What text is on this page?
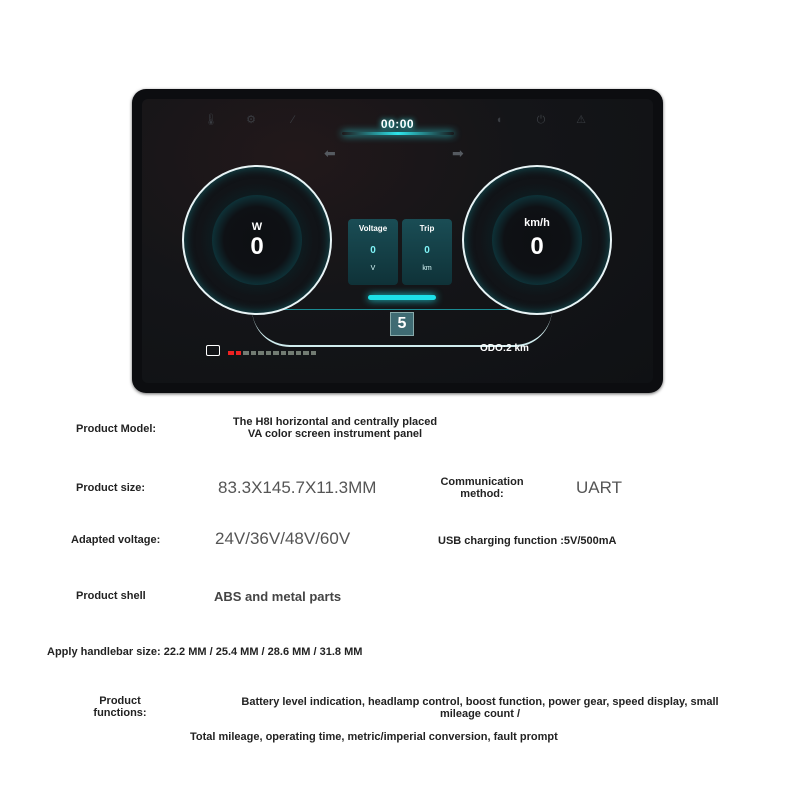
🌡	⚙	∕	◖	⏻	⚠
00:00
⬅	➡
W
0
km/h
0
Voltage
0
V
Trip
0
km
5
ODO:2 km
Product Model:
The H8I horizontal and centrally placed
VA color screen instrument panel
Product size:	83.3X145.7X11.3MM	Communication
method:	UART
Adapted voltage:	24V/36V/48V/60V	USB charging function :5V/500mA
Product shell	ABS and metal parts
Apply handlebar size: 22.2 MM / 25.4 MM / 28.6 MM / 31.8 MM
Product
functions:
Battery level indication, headlamp control, boost function, power gear, speed display, small
mileage count /
Total mileage, operating time, metric/imperial conversion, fault prompt
